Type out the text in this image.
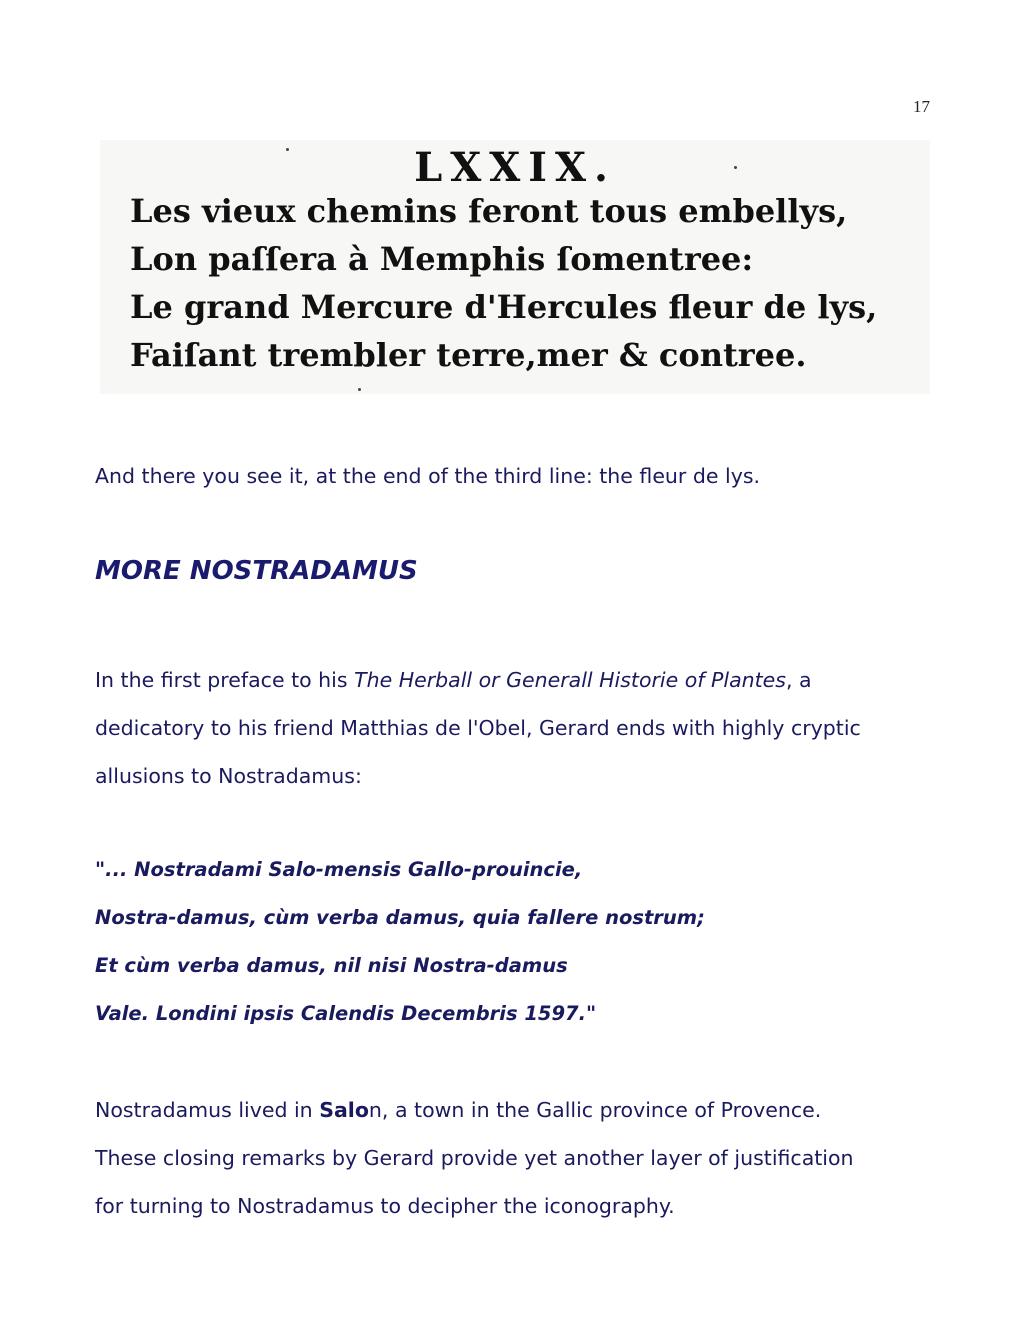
17
LXXIX.
Les vieux chemins feront tous embellys,
Lon paſſera à Memphis ſomentree:
Le grand Mercure d'Hercules fleur de lys,
Faiſant trembler terre,mer & contree.
And there you see it, at the end of the third line: the fleur de lys.
MORE NOSTRADAMUS
In the first preface to his The Herball or Generall Historie of Plantes, a
dedicatory to his friend Matthias de l'Obel, Gerard ends with highly cryptic
allusions to Nostradamus:
"... Nostradami Salo-mensis Gallo-prouincie,
Nostra-damus, cùm verba damus, quia fallere nostrum;
Et cùm verba damus, nil nisi Nostra-damus
Vale. Londini ipsis Calendis Decembris 1597."
Nostradamus lived in Salon, a town in the Gallic province of Provence.
These closing remarks by Gerard provide yet another layer of justification
for turning to Nostradamus to decipher the iconography.
